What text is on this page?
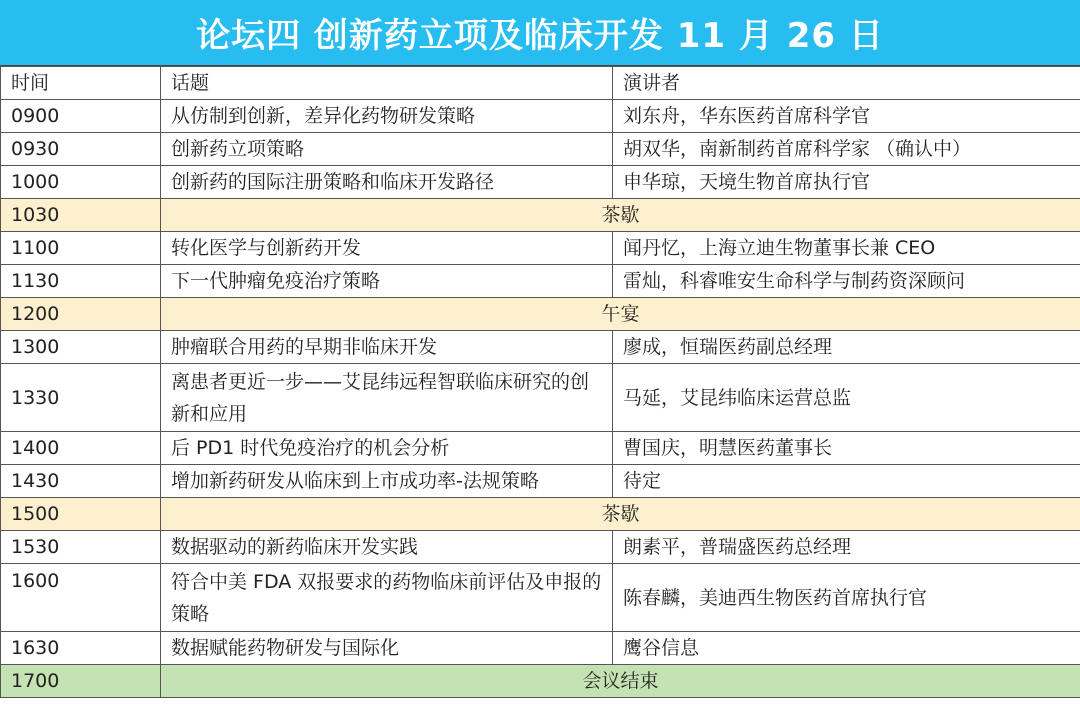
论坛四 创新药立项及临床开发 11 月 26 日
时间	话题	演讲者
0900	从仿制到创新，差异化药物研发策略	刘东舟，华东医药首席科学官
0930	创新药立项策略	胡双华，南新制药首席科学家 （确认中）
1000	创新药的国际注册策略和临床开发路径	申华琼，天境生物首席执行官
1030	茶歇	
1100	转化医学与创新药开发	闻丹忆，上海立迪生物董事长兼 CEO
1130	下一代肿瘤免疫治疗策略	雷灿，科睿唯安生命科学与制药资深顾问
1200	午宴	
1300	肿瘤联合用药的早期非临床开发	廖成，恒瑞医药副总经理
1330	离患者更近一步——艾昆纬远程智联临床研究的创新和应用	马延，艾昆纬临床运营总监
1400	后 PD1 时代免疫治疗的机会分析	曹国庆，明慧医药董事长
1430	增加新药研发从临床到上市成功率-法规策略	待定
1500	茶歇	
1530	数据驱动的新药临床开发实践	朗素平，普瑞盛医药总经理
1600	符合中美 FDA 双报要求的药物临床前评估及申报的策略	陈春麟，美迪西生物医药首席执行官
1630	数据赋能药物研发与国际化	鹰谷信息
1700	会议结束	
